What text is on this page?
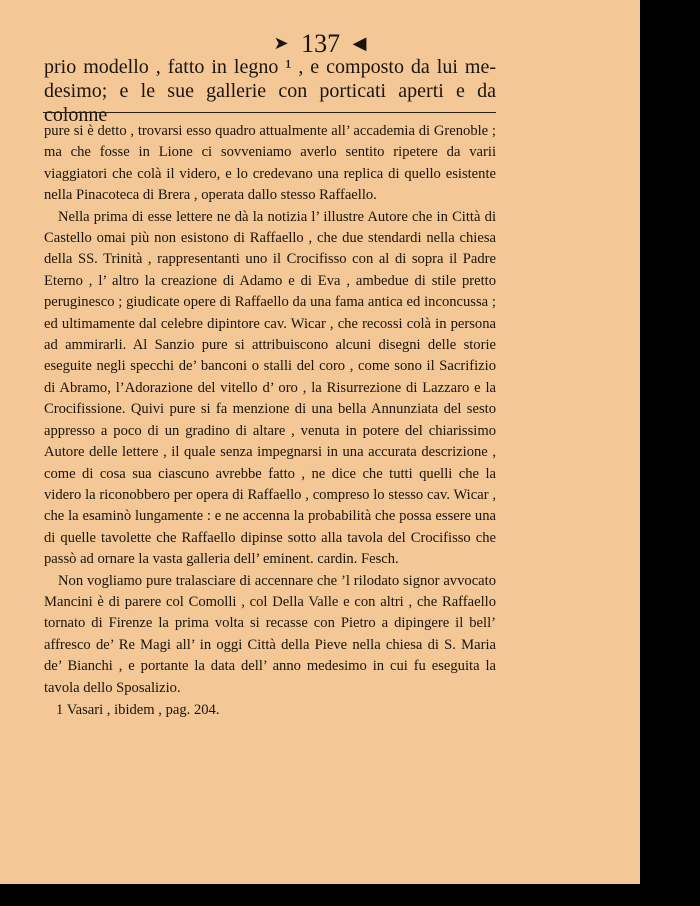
➤ 137 ◀
prio modello , fatto in legno ¹ , e composto da lui me-
desimo; e le sue gallerie con porticati aperti e da colonne

pure si è detto , trovarsi esso quadro attualmente all’ accademia di Grenoble ; ma che fosse in Lione ci sovveniamo averlo sentito ripetere da varii viaggiatori che colà il videro, e lo credevano una replica di quello esistente nella Pinacoteca di Brera , operata dallo stesso Raffaello.

Nella prima di esse lettere ne dà la notizia l’ illustre Autore che in Città di Castello omai più non esistono di Raffaello , che due stendardi nella chiesa della SS. Trinità , rappresentanti uno il Crocifisso con al di sopra il Padre Eterno , l’ altro la creazione di Adamo e di Eva , ambedue di stile pretto peruginesco ; giudicate opere di Raffaello da una fama antica ed inconcussa ; ed ultimamente dal celebre dipintore cav. Wicar , che recossi colà in persona ad ammirarli. Al Sanzio pure si attribuiscono alcuni disegni delle storie eseguite negli specchi de’ banconi o stalli del coro , come sono il Sacrifizio di Abramo, l’Adorazione del vitello d’ oro , la Risurrezione di Lazzaro e la Crocifissione. Quivi pure si fa menzione di una bella Annunziata del sesto appresso a poco di un gradino di altare , venuta in potere del chiarissimo Autore delle lettere , il quale senza impegnarsi in una accurata descrizione , come di cosa sua ciascuno avrebbe fatto , ne dice che tutti quelli che la videro la riconobbero per opera di Raffaello , compreso lo stesso cav. Wicar , che la esaminò lungamente : e ne accenna la probabilità che possa essere una di quelle tavolette che Raffaello dipinse sotto alla tavola del Crocifisso che passò ad ornare la vasta galleria dell’ eminent. cardin. Fesch.

Non vogliamo pure tralasciare di accennare che ’l rilodato signor avvocato Mancini è di parere col Comolli , col Della Valle e con altri , che Raffaello tornato di Firenze la prima volta si recasse con Pietro a dipingere il bell’ affresco de’ Re Magi all’ in oggi Città della Pieve nella chiesa di S. Maria de’ Bianchi , e portante la data dell’ anno medesimo in cui fu eseguita la tavola dello Sposalizio.

1 Vasari , ibidem , pag. 204.
